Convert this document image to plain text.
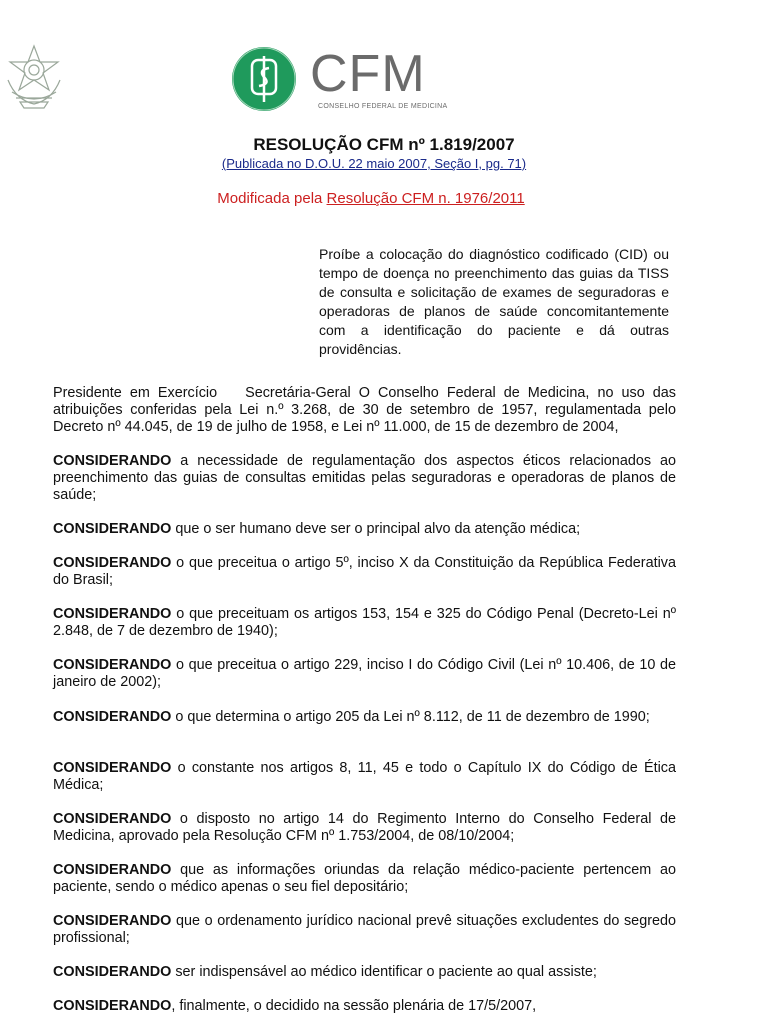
CFM
CONSELHO FEDERAL DE MEDICINA
RESOLUÇÃO CFM nº 1.819/2007
(Publicada no D.O.U. 22 maio 2007, Seção I, pg. 71)
Modificada pela Resolução CFM n. 1976/2011
Proíbe a colocação do diagnóstico codificado (CID) ou tempo de doença no preenchimento das guias da TISS de consulta e solicitação de exames de seguradoras e operadoras de planos de saúde concomitantemente com a identificação do paciente e dá outras providências.
Presidente em Exercício Secretária-Geral O Conselho Federal de Medicina, no uso das atribuições conferidas pela Lei n.º 3.268, de 30 de setembro de 1957, regulamentada pelo Decreto nº 44.045, de 19 de julho de 1958, e Lei nº 11.000, de 15 de dezembro de 2004,
CONSIDERANDO a necessidade de regulamentação dos aspectos éticos relacionados ao preenchimento das guias de consultas emitidas pelas seguradoras e operadoras de planos de saúde;
CONSIDERANDO que o ser humano deve ser o principal alvo da atenção médica;
CONSIDERANDO o que preceitua o artigo 5º, inciso X da Constituição da República Federativa do Brasil;
CONSIDERANDO o que preceituam os artigos 153, 154 e 325 do Código Penal (Decreto-Lei nº 2.848, de 7 de dezembro de 1940);
CONSIDERANDO o que preceitua o artigo 229, inciso I do Código Civil (Lei nº 10.406, de 10 de janeiro de 2002);
CONSIDERANDO o que determina o artigo 205 da Lei nº 8.112, de 11 de dezembro de 1990;
CONSIDERANDO o constante nos artigos 8, 11, 45 e todo o Capítulo IX do Código de Ética Médica;
CONSIDERANDO o disposto no artigo 14 do Regimento Interno do Conselho Federal de Medicina, aprovado pela Resolução CFM nº 1.753/2004, de 08/10/2004;
CONSIDERANDO que as informações oriundas da relação médico-paciente pertencem ao paciente, sendo o médico apenas o seu fiel depositário;
CONSIDERANDO que o ordenamento jurídico nacional prevê situações excludentes do segredo profissional;
CONSIDERANDO ser indispensável ao médico identificar o paciente ao qual assiste;
CONSIDERANDO, finalmente, o decidido na sessão plenária de 17/5/2007,
